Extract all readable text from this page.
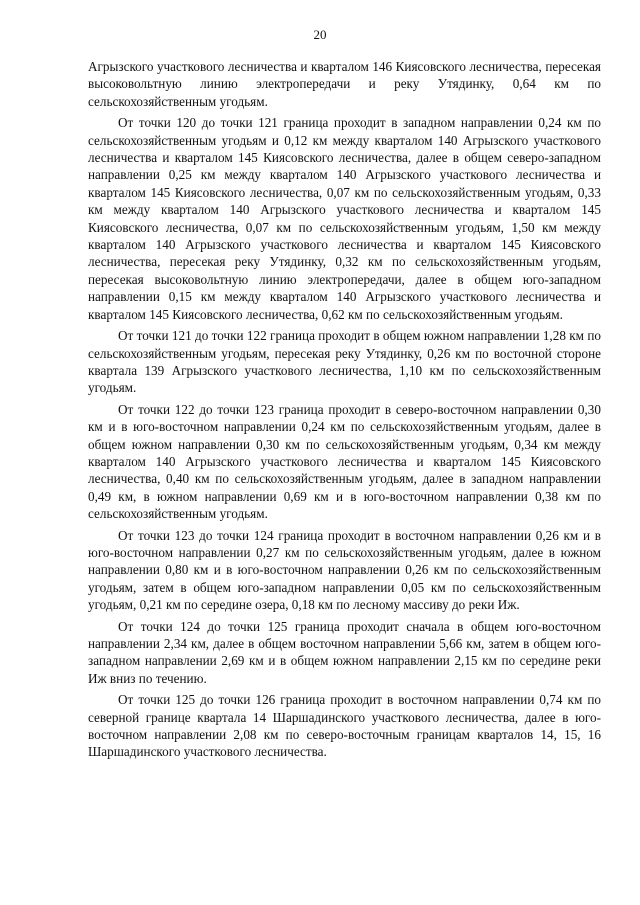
20

Агрызского участкового лесничества и кварталом 146 Киясовского лесничества, пересекая высоковольтную линию электропередачи и реку Утядинку, 0,64 км по сельскохозяйственным угодьям.

От точки 120 до точки 121 граница проходит в западном направлении 0,24 км по сельскохозяйственным угодьям и 0,12 км между кварталом 140 Агрызского участкового лесничества и кварталом 145 Киясовского лесничества, далее в общем северо-западном направлении 0,25 км между кварталом 140 Агрызского участкового лесничества и кварталом 145 Киясовского лесничества, 0,07 км по сельскохозяйственным угодьям, 0,33 км между кварталом 140 Агрызского участкового лесничества и кварталом 145 Киясовского лесничества, 0,07 км по сельскохозяйственным угодьям, 1,50 км между кварталом 140 Агрызского участкового лесничества и кварталом 145 Киясовского лесничества, пересекая реку Утядинку, 0,32 км по сельскохозяйственным угодьям, пересекая высоковольтную линию электропередачи, далее в общем юго-западном направлении 0,15 км между кварталом 140 Агрызского участкового лесничества и кварталом 145 Киясовского лесничества, 0,62 км по сельскохозяйственным угодьям.

От точки 121 до точки 122 граница проходит в общем южном направлении 1,28 км по сельскохозяйственным угодьям, пересекая реку Утядинку, 0,26 км по восточной стороне квартала 139 Агрызского участкового лесничества, 1,10 км по сельскохозяйственным угодьям.

От точки 122 до точки 123 граница проходит в северо-восточном направлении 0,30 км и в юго-восточном направлении 0,24 км по сельскохозяйственным угодьям, далее в общем южном направлении 0,30 км по сельскохозяйственным угодьям, 0,34 км между кварталом 140 Агрызского участкового лесничества и кварталом 145 Киясовского лесничества, 0,40 км по сельскохозяйственным угодьям, далее в западном направлении 0,49 км, в южном направлении 0,69 км и в юго-восточном направлении 0,38 км по сельскохозяйственным угодьям.

От точки 123 до точки 124 граница проходит в восточном направлении 0,26 км и в юго-восточном направлении 0,27 км по сельскохозяйственным угодьям, далее в южном направлении 0,80 км и в юго-восточном направлении 0,26 км по сельскохозяйственным угодьям, затем в общем юго-западном направлении 0,05 км по сельскохозяйственным угодьям, 0,21 км по середине озера, 0,18 км по лесному массиву до реки Иж.

От точки 124 до точки 125 граница проходит сначала в общем юго-восточном направлении 2,34 км, далее в общем восточном направлении 5,66 км, затем в общем юго-западном направлении 2,69 км и в общем южном направлении 2,15 км по середине реки Иж вниз по течению.

От точки 125 до точки 126 граница проходит в восточном направлении 0,74 км по северной границе квартала 14 Шаршадинского участкового лесничества, далее в юго-восточном направлении 2,08 км по северо-восточным границам кварталов 14, 15, 16 Шаршадинского участкового лесничества.
